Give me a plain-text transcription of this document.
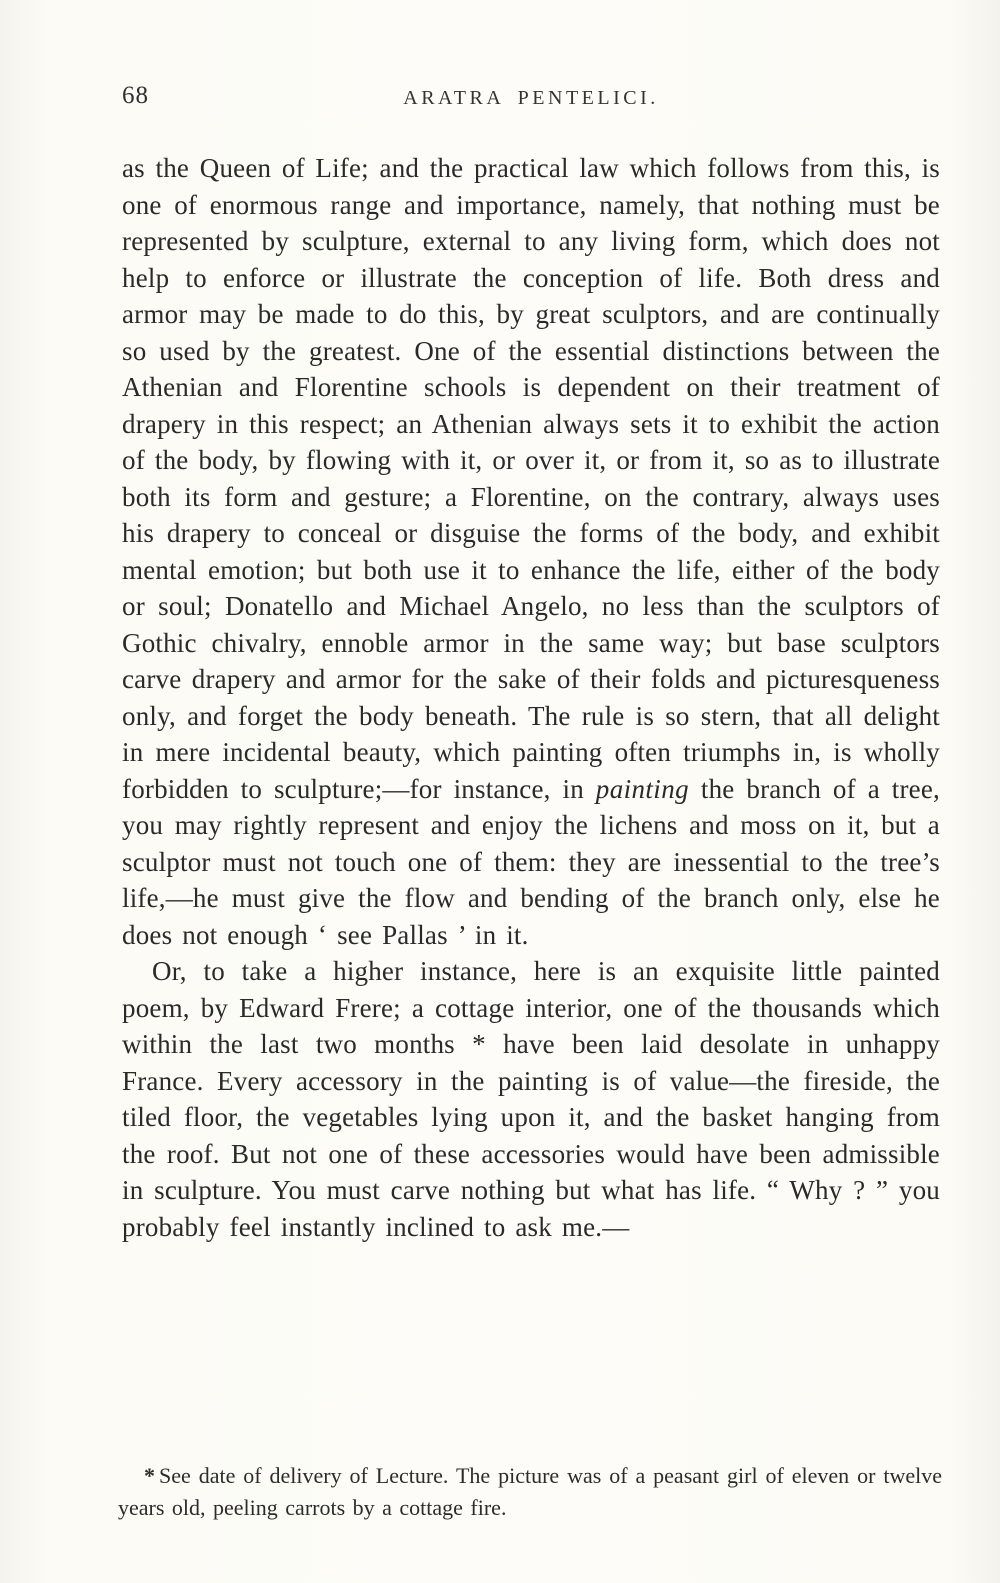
68	ARATRA PENTELICI.

as the Queen of Life; and the practical law which follows from this, is one of enormous range and importance, namely, that nothing must be represented by sculpture, external to any living form, which does not help to enforce or illustrate the conception of life. Both dress and armor may be made to do this, by great sculptors, and are continually so used by the greatest. One of the essential distinctions between the Athenian and Florentine schools is dependent on their treatment of drapery in this respect; an Athenian always sets it to exhibit the action of the body, by flowing with it, or over it, or from it, so as to illustrate both its form and gesture; a Florentine, on the contrary, always uses his drapery to conceal or disguise the forms of the body, and exhibit mental emotion; but both use it to enhance the life, either of the body or soul; Donatello and Michael Angelo, no less than the sculptors of Gothic chivalry, ennoble armor in the same way; but base sculptors carve drapery and armor for the sake of their folds and picturesqueness only, and forget the body beneath. The rule is so stern, that all delight in mere incidental beauty, which painting often triumphs in, is wholly forbidden to sculpture;—for instance, in painting the branch of a tree, you may rightly represent and enjoy the lichens and moss on it, but a sculptor must not touch one of them: they are inessential to the tree’s life,—he must give the flow and bending of the branch only, else he does not enough ‘ see Pallas ’ in it.

Or, to take a higher instance, here is an exquisite little painted poem, by Edward Frere; a cottage interior, one of the thousands which within the last two months * have been laid desolate in unhappy France. Every accessory in the painting is of value—the fireside, the tiled floor, the vegetables lying upon it, and the basket hanging from the roof. But not one of these accessories would have been admissible in sculpture. You must carve nothing but what has life. “ Why ? ” you probably feel instantly inclined to ask me.—

* See date of delivery of Lecture. The picture was of a peasant girl of eleven or twelve years old, peeling carrots by a cottage fire.
